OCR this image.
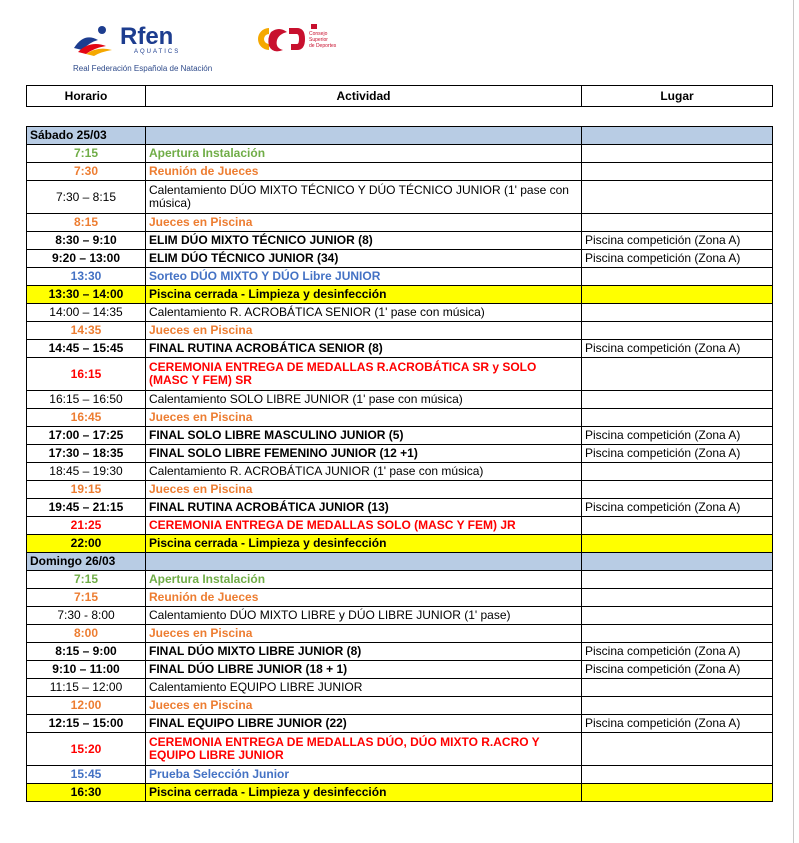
Rfen
AQUATICS
Consejo
Superior
de Deportes
Real Federación Española de Natación
Horario	Actividad	Lugar
Sábado 25/03		
7:15	Apertura Instalación	
7:30	Reunión de Jueces	
7:30 – 8:15	Calentamiento DÚO MIXTO TÉCNICO Y DÚO TÉCNICO JUNIOR (1' pase con música)	
8:15	Jueces en Piscina	
8:30 – 9:10	ELIM DÚO MIXTO TÉCNICO JUNIOR (8)	Piscina competición (Zona A)
9:20 – 13:00	ELIM DÚO TÉCNICO JUNIOR (34)	Piscina competición (Zona A)
13:30	Sorteo DÚO MIXTO Y DÚO Libre JUNIOR	
13:30 – 14:00	Piscina cerrada - Limpieza y desinfección	
14:00 – 14:35	Calentamiento R. ACROBÁTICA SENIOR (1' pase con música)	
14:35	Jueces en Piscina	
14:45 – 15:45	FINAL RUTINA ACROBÁTICA SENIOR (8)	Piscina competición (Zona A)
16:15	CEREMONIA ENTREGA DE MEDALLAS R.ACROBÁTICA SR y SOLO (MASC Y FEM) SR	
16:15 – 16:50	Calentamiento SOLO LIBRE JUNIOR (1' pase con música)	
16:45	Jueces en Piscina	
17:00 – 17:25	FINAL SOLO LIBRE MASCULINO JUNIOR (5)	Piscina competición (Zona A)
17:30 – 18:35	FINAL SOLO LIBRE FEMENINO JUNIOR (12 +1)	Piscina competición (Zona A)
18:45 – 19:30	Calentamiento R. ACROBÁTICA JUNIOR (1' pase con música)	
19:15	Jueces en Piscina	
19:45 – 21:15	FINAL RUTINA ACROBÁTICA JUNIOR (13)	Piscina competición (Zona A)
21:25	CEREMONIA ENTREGA DE MEDALLAS SOLO (MASC Y FEM) JR	
22:00	Piscina cerrada - Limpieza y desinfección	
Domingo 26/03		
7:15	Apertura Instalación	
7:15	Reunión de Jueces	
7:30 - 8:00	Calentamiento DÚO MIXTO LIBRE y DÚO LIBRE JUNIOR (1' pase)	
8:00	Jueces en Piscina	
8:15 – 9:00	FINAL DÚO MIXTO LIBRE JUNIOR (8)	Piscina competición (Zona A)
9:10 – 11:00	FINAL DÚO LIBRE JUNIOR (18 + 1)	Piscina competición (Zona A)
11:15 – 12:00	Calentamiento EQUIPO LIBRE JUNIOR	
12:00	Jueces en Piscina	
12:15 – 15:00	FINAL EQUIPO LIBRE JUNIOR (22)	Piscina competición (Zona A)
15:20	CEREMONIA ENTREGA DE MEDALLAS DÚO, DÚO MIXTO R.ACRO Y EQUIPO LIBRE JUNIOR	
15:45	Prueba Selección Junior	
16:30	Piscina cerrada - Limpieza y desinfección	
